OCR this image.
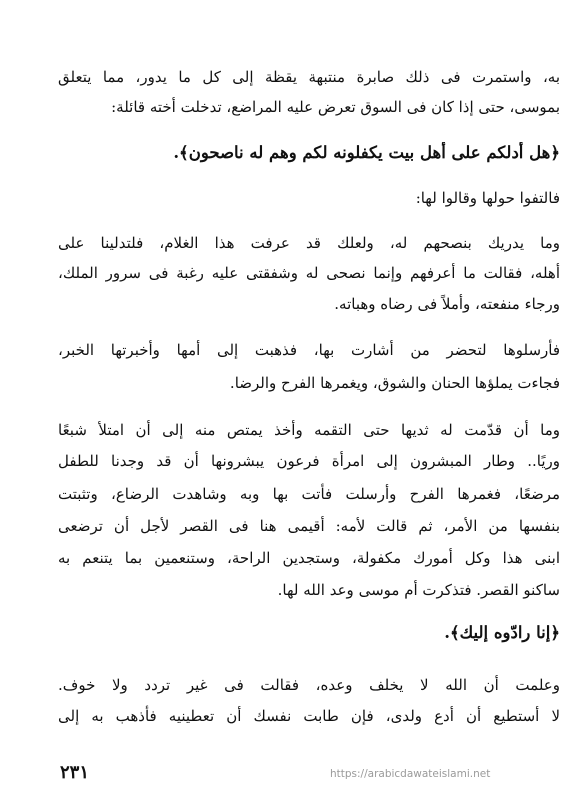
به، واستمرت فى ذلك صابرة منتبهة يقظة إلى كل ما يدور، مما يتعلق
بموسى، حتى إذا كان فى السوق تعرض عليه المراضع، تدخلت أخته قائلة:
﴿هل أدلكم على أهل بيت يكفلونه لكم وهم له ناصحون﴾.
فالتفوا حولها وقالوا لها:
وما يدريك بنصحهم له، ولعلك قد عرفت هذا الغلام، فلتدلينا على
أهله، فقالت ما أعرفهم وإنما نصحى له وشفقتى عليه رغبة فى سرور الملك،
ورجاء منفعته، وأملاً فى رضاه وهباته.
فأرسلوها لتحضر من أشارت بها، فذهبت إلى أمها وأخبرتها الخبر،
فجاءت يملؤها الحنان والشوق، ويغمرها الفرح والرضا.
وما أن قدّمت له ثديها حتى التقمه وأخذ يمتص منه إلى أن امتلأ شبعًا
وريًا.. وطار المبشرون إلى امرأة فرعون يبشرونها أن قد وجدنا للطفل
مرضعًا، فغمرها الفرح وأرسلت فأتت بها وبه وشاهدت الرضاع، وتثبتت
بنفسها من الأمر، ثم قالت لأمه: أقيمى هنا فى القصر لأجل أن ترضعى
ابنى هذا وكل أمورك مكفولة، وستجدين الراحة، وستنعمين بما يتنعم به
ساكنو القصر. فتذكرت أم موسى وعد الله لها.
﴿إنا رادّوه إليك﴾.
وعلمت أن الله لا يخلف وعده، فقالت فى غير تردد ولا خوف.
لا أستطيع أن أدع ولدى، فإن طابت نفسك أن تعطينيه فأذهب به إلى
٢٣١	https://arabicdawateislami.net
